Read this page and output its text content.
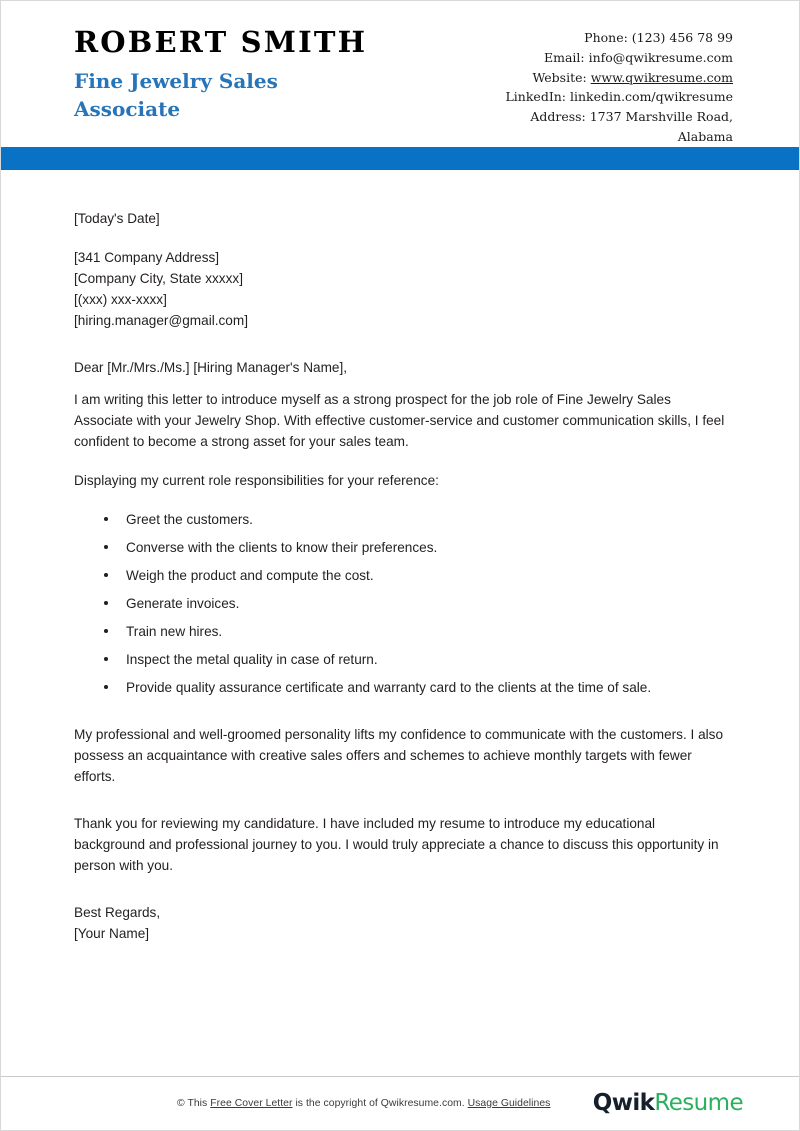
ROBERT SMITH
Fine Jewelry Sales Associate
Phone: (123) 456 78 99
Email: info@qwikresume.com
Website: www.qwikresume.com
LinkedIn: linkedin.com/qwikresume
Address: 1737 Marshville Road, Alabama

[Today's Date]

[341 Company Address]

[Company City, State xxxxx]

[(xxx) xxx-xxxx]

[hiring.manager@gmail.com]

Dear [Mr./Mrs./Ms.] [Hiring Manager's Name],

I am writing this letter to introduce myself as a strong prospect for the job role of Fine Jewelry Sales Associate with your Jewelry Shop. With effective customer-service and customer communication skills, I feel confident to become a strong asset for your sales team.

Displaying my current role responsibilities for your reference:

Greet the customers.
Converse with the clients to know their preferences.
Weigh the product and compute the cost.
Generate invoices.
Train new hires.
Inspect the metal quality in case of return.
Provide quality assurance certificate and warranty card to the clients at the time of sale.

My professional and well-groomed personality lifts my confidence to communicate with the customers. I also possess an acquaintance with creative sales offers and schemes to achieve monthly targets with fewer efforts.

Thank you for reviewing my candidature. I have included my resume to introduce my educational background and professional journey to you. I would truly appreciate a chance to discuss this opportunity in person with you.

Best Regards,

[Your Name]

© This Free Cover Letter is the copyright of Qwikresume.com. Usage Guidelines QwikResume
